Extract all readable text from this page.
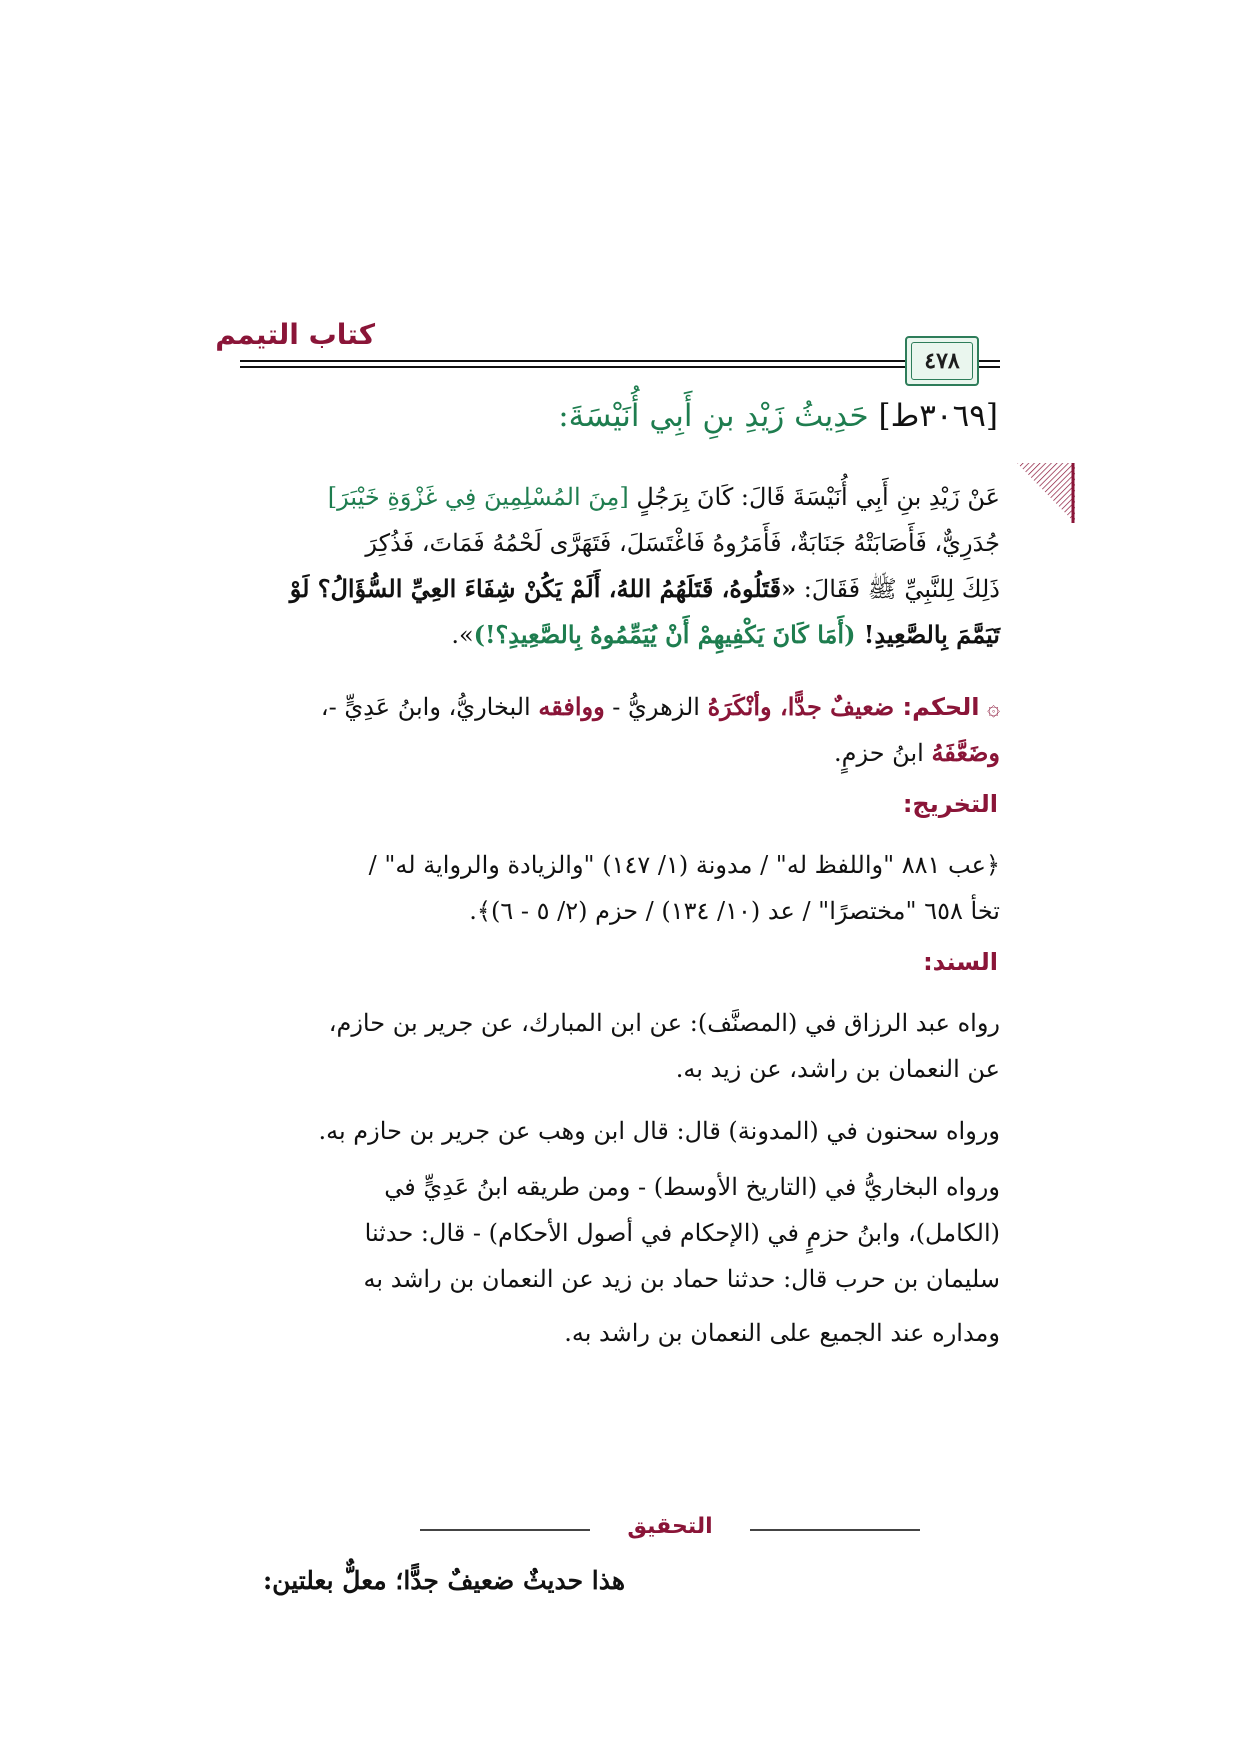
كتاب التيمم
٤٧٨
[٣٠٦٩ط] حَدِيثُ زَيْدِ بنِ أَبِي أُنَيْسَةَ:
عَنْ زَيْدِ بنِ أَبِي أُنَيْسَةَ قَالَ: كَانَ بِرَجُلٍ [مِنَ المُسْلِمِينَ فِي غَزْوَةِ خَيْبَرَ]
جُدَرِيٌّ، فَأَصَابَتْهُ جَنَابَةٌ، فَأَمَرُوهُ فَاغْتَسَلَ، فَتَهَرَّى لَحْمُهُ فَمَاتَ، فَذُكِرَ
ذَلِكَ لِلنَّبِيِّ ﷺ فَقَالَ: «قَتَلُوهُ، قَتَلَهُمُ اللهُ، أَلَمْ يَكُنْ شِفَاءَ العِيِّ السُّؤَالُ؟ لَوْ
تَيَمَّمَ بِالصَّعِيدِ! (أَمَا كَانَ يَكْفِيهِمْ أَنْ يُيَمِّمُوهُ بِالصَّعِيدِ؟!)».
۞ الحكم: ضعيفٌ جدًّا، وأنْكَرَهُ الزهريُّ - ووافقه البخاريُّ، وابنُ عَدِيٍّ -،
وضَعَّفَهُ ابنُ حزمٍ.
التخريج:
﴿عب ٨٨١ "واللفظ له" / مدونة (١/ ١٤٧) "والزيادة والرواية له" /
تخأ ٦٥٨ "مختصرًا" / عد (١٠/ ١٣٤) / حزم (٢/ ٥ - ٦)﴾.
السند:
رواه عبد الرزاق في (المصنَّف): عن ابن المبارك، عن جرير بن حازم،
عن النعمان بن راشد، عن زيد به.
ورواه سحنون في (المدونة) قال: قال ابن وهب عن جرير بن حازم به.
ورواه البخاريُّ في (التاريخ الأوسط) - ومن طريقه ابنُ عَدِيٍّ في
(الكامل)، وابنُ حزمٍ في (الإحكام في أصول الأحكام) - قال: حدثنا
سليمان بن حرب قال: حدثنا حماد بن زيد عن النعمان بن راشد به
ومداره عند الجميع على النعمان بن راشد به.
التحقيق
هذا حديثٌ ضعيفٌ جدًّا؛ معلٌّ بعلتين:
